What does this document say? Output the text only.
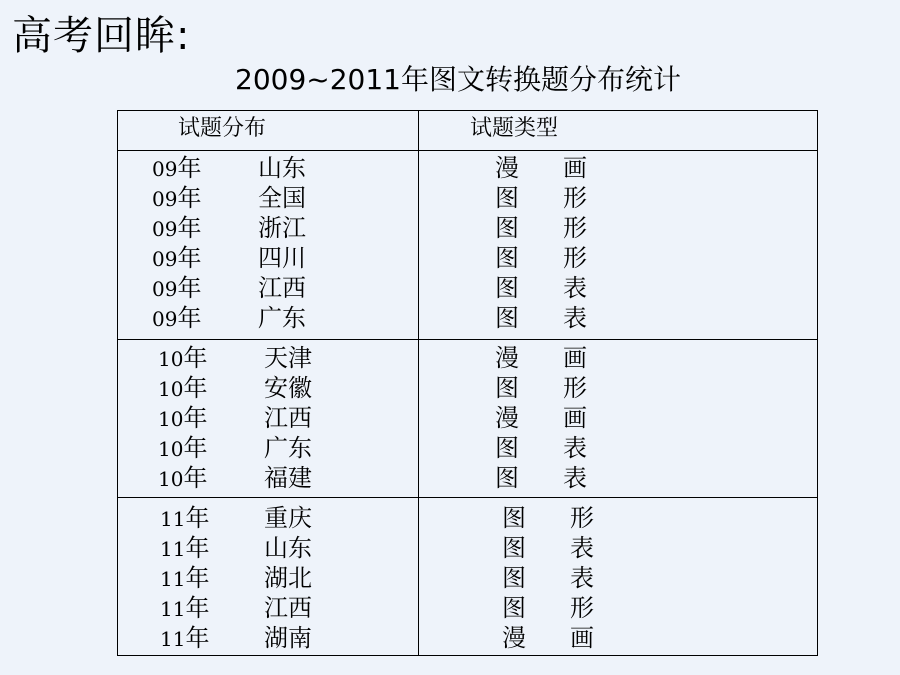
高考回眸:
2009~2011年图文转换题分布统计
试题分布	试题类型
09年 山东	漫 画
09年 全国	图 形
09年 浙江	图 形
09年 四川	图 形
09年 江西	图 表
09年 广东	图 表
10年 天津	漫 画
10年 安徽	图 形
10年 江西	漫 画
10年 广东	图 表
10年 福建	图 表
11年 重庆	图 形
11年 山东	图 表
11年 湖北	图 表
11年 江西	图 形
11年 湖南	漫 画
